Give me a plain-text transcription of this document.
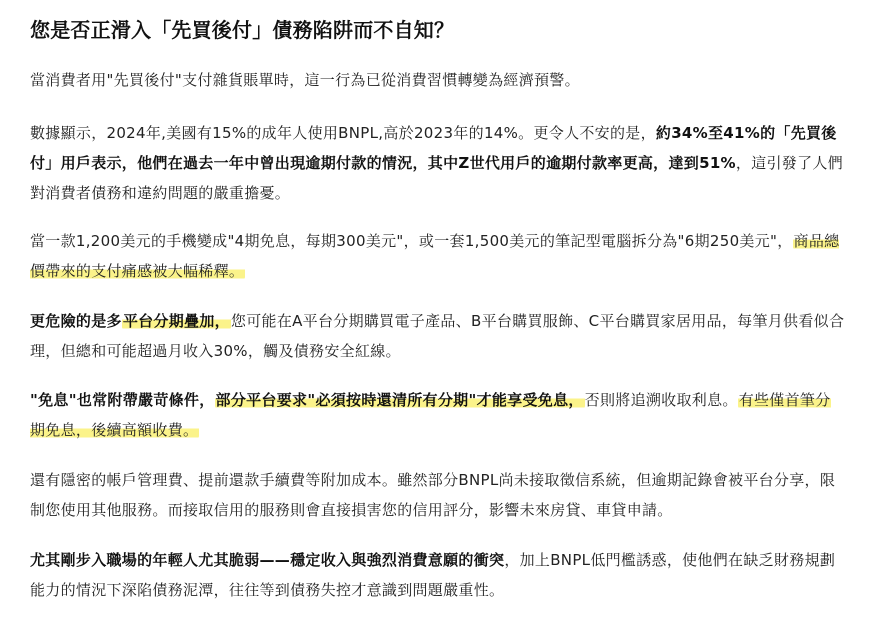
您是否正滑入「先買後付」債務陷阱而不自知？

當消費者用"先買後付"支付雜貨賬單時，這一行為已從消費習慣轉變為經濟預警。

數據顯示，2024年,美國有15%的成年人使用BNPL,高於2023年的14%。更令人不安的是，約34%至41%的「先買後付」用戶表示，他們在過去一年中曾出現逾期付款的情況，其中Z世代用戶的逾期付款率更高，達到51%，這引發了人們對消費者債務和違約問題的嚴重擔憂。

當一款1,200美元的手機變成"4期免息，每期300美元"，或一套1,500美元的筆記型電腦拆分為"6期250美元"，商品總價帶來的支付痛感被大幅稀釋。

更危險的是多平台分期疊加，您可能在A平台分期購買電子產品、B平台購買服飾、C平台購買家居用品，每筆月供看似合理，但總和可能超過月收入30%，觸及債務安全紅線。

"免息"也常附帶嚴苛條件，部分平台要求"必須按時還清所有分期"才能享受免息，否則將追溯收取利息。有些僅首筆分期免息，後續高額收費。

還有隱密的帳戶管理費、提前還款手續費等附加成本。雖然部分BNPL尚未接取徵信系統，但逾期記錄會被平台分享，限制您使用其他服務。而接取信用的服務則會直接損害您的信用評分，影響未來房貸、車貸申請。

尤其剛步入職場的年輕人尤其脆弱——穩定收入與強烈消費意願的衝突，加上BNPL低門檻誘惑，使他們在缺乏財務規劃能力的情況下深陷債務泥潭，往往等到債務失控才意識到問題嚴重性。
